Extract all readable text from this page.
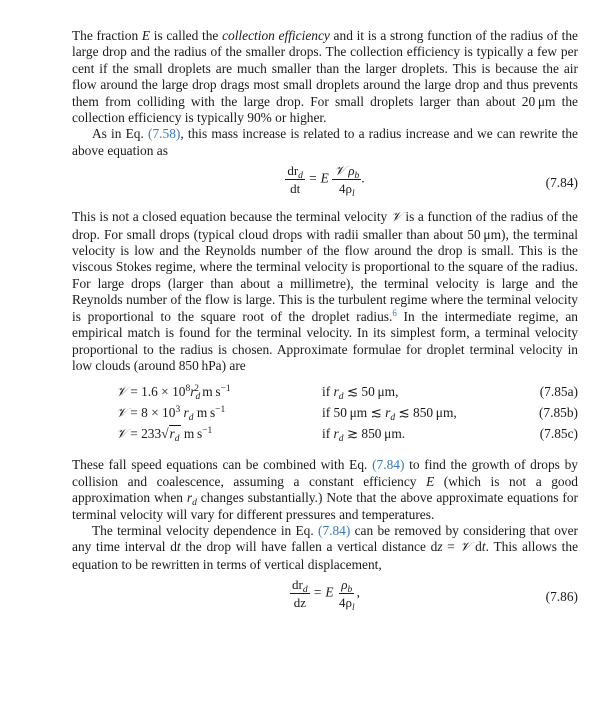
The fraction E is called the collection efficiency and it is a strong function of the radius of the large drop and the radius of the smaller drops. The collection efficiency is typically a few per cent if the small droplets are much smaller than the larger droplets. This is because the air flow around the large drop drags most small droplets around the large drop and thus prevents them from colliding with the large drop. For small droplets larger than about 20 μm the collection efficiency is typically 90% or higher.

As in Eq. (7.58), this mass increase is related to a radius increase and we can rewrite the above equation as

$\frac{dr_d}{dt} = E \frac{𝒱 \rho_b}{4\rho_l}$ .	(7.84)

This is not a closed equation because the terminal velocity 𝒱 is a function of the radius of the drop. For small drops (typical cloud drops with radii smaller than about 50 μm), the terminal velocity is low and the Reynolds number of the flow around the drop is small. This is the viscous Stokes regime, where the terminal velocity is proportional to the square of the radius. For large drops (larger than about a millimetre), the terminal velocity is large and the Reynolds number of the flow is large. This is the turbulent regime where the terminal velocity is proportional to the square root of the droplet radius.$^6$ In the intermediate regime, an empirical match is found for the terminal velocity. In its simplest form, a terminal velocity proportional to the radius is chosen. Approximate formulae for droplet terminal velocity in low clouds (around 850 hPa) are

𝒱 = $1.6 \times 10^8r_d^2$ m $s^{-1}$	if $r_d$ ≲ 50 μm,	(7.85a)
𝒱 = $8 \times 10^3$ $r_d$ m $s^{-1}$	if 50 μm ≲ $r_d$ ≲ 850 μm,	(7.85b)
𝒱 = $233√r_d$ m $s^{-1}$	if $r_d$ ≳ 850 μm.	(7.85c)

These fall speed equations can be combined with Eq. (7.84) to find the growth of drops by collision and coalescence, assuming a constant efficiency E (which is not a good approximation when $r_d$ changes substantially.) Note that the above approximate equations for terminal velocity will vary for different pressures and temperatures.

The terminal velocity dependence in Eq. (7.84) can be removed by considering that over any time interval dt the drop will have fallen a vertical distance dz = 𝒱 dt. This allows the equation to be rewritten in terms of vertical displacement,

$\frac{dr_d}{dz} = E \frac{\rho_b}{4\rho_l}$ ,	(7.86)
